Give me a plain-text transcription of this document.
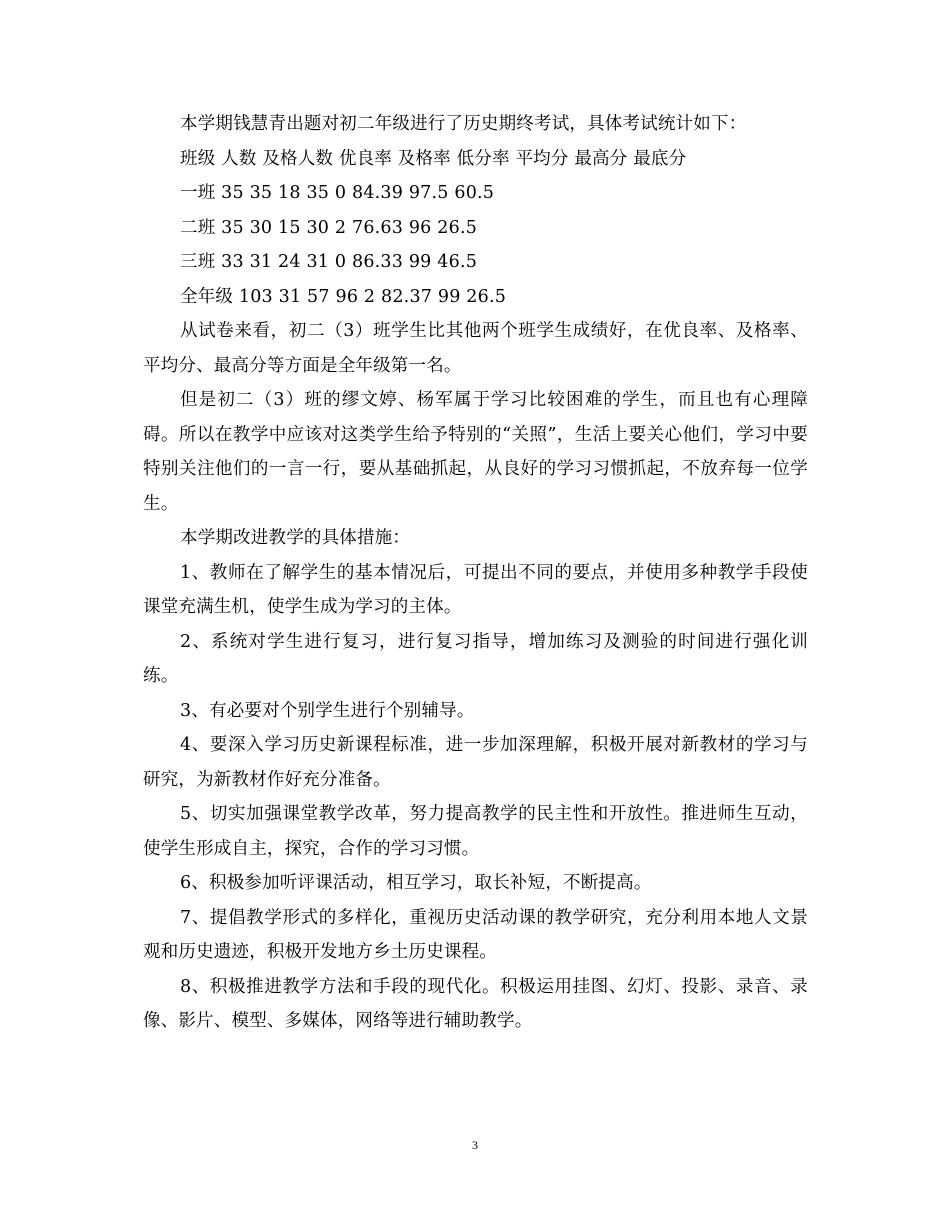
本学期钱慧青出题对初二年级进行了历史期终考试，具体考试统计如下：

班级 人数 及格人数 优良率 及格率 低分率 平均分 最高分 最底分

一班 35 35 18 35 0 84.39 97.5 60.5

二班 35 30 15 30 2 76.63 96 26.5

三班 33 31 24 31 0 86.33 99 46.5

全年级 103 31 57 96 2 82.37 99 26.5

从试卷来看，初二（3）班学生比其他两个班学生成绩好，在优良率、及格率、平均分、最高分等方面是全年级第一名。

但是初二（3）班的缪文婷、杨军属于学习比较困难的学生，而且也有心理障碍。所以在教学中应该对这类学生给予特别的“关照”，生活上要关心他们，学习中要特别关注他们的一言一行，要从基础抓起，从良好的学习习惯抓起，不放弃每一位学生。

本学期改进教学的具体措施：

1、教师在了解学生的基本情况后，可提出不同的要点，并使用多种教学手段使课堂充满生机，使学生成为学习的主体。

2、系统对学生进行复习，进行复习指导，增加练习及测验的时间进行强化训练。

3、有必要对个别学生进行个别辅导。

4、要深入学习历史新课程标准，进一步加深理解，积极开展对新教材的学习与研究，为新教材作好充分准备。

5、切实加强课堂教学改革，努力提高教学的民主性和开放性。推进师生互动，使学生形成自主，探究，合作的学习习惯。

6、积极参加听评课活动，相互学习，取长补短，不断提高。

7、提倡教学形式的多样化，重视历史活动课的教学研究，充分利用本地人文景观和历史遗迹，积极开发地方乡土历史课程。

8、积极推进教学方法和手段的现代化。积极运用挂图、幻灯、投影、录音、录像、影片、模型、多媒体，网络等进行辅助教学。

3
